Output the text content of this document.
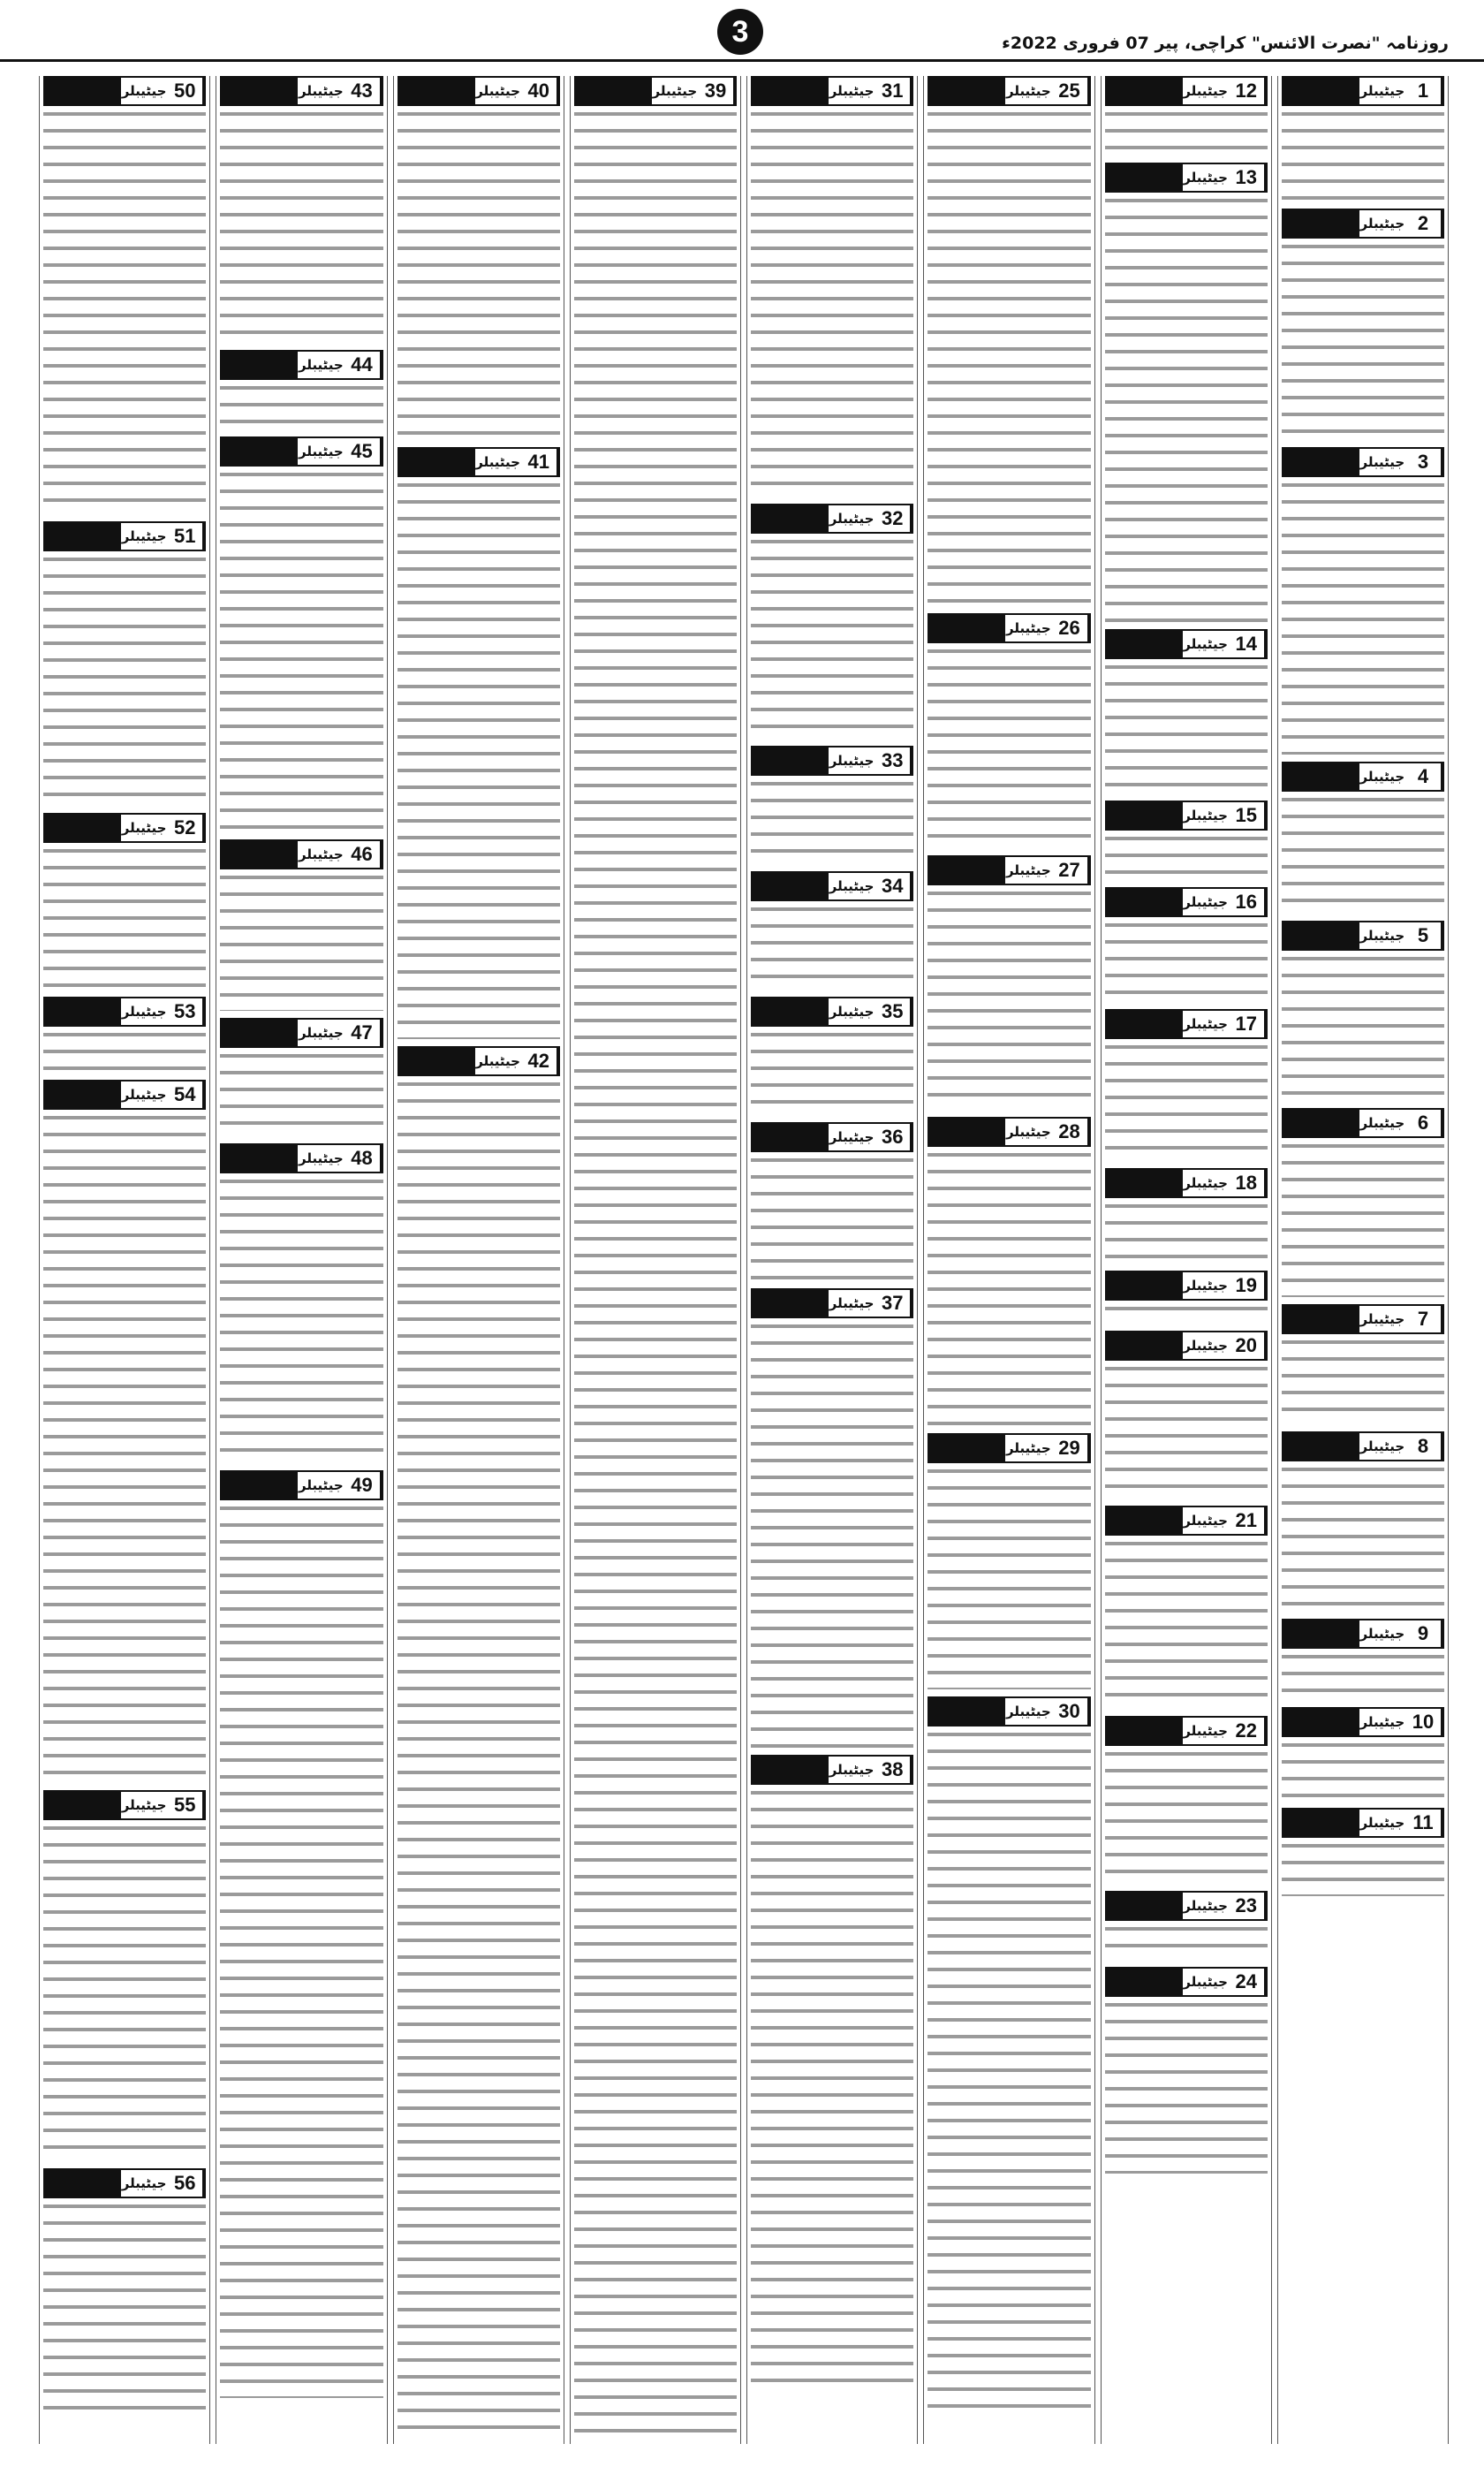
روزنامہ "نصرت الائنس" کراچی، پیر 07 فروری 2022ء
3
1
جیٹیبلر
2
جیٹیبلر
3
جیٹیبلر
4
جیٹیبلر
5
جیٹیبلر
6
جیٹیبلر
7
جیٹیبلر
8
جیٹیبلر
9
جیٹیبلر
10
جیٹیبلر
11
جیٹیبلر
12
جیٹیبلر
13
جیٹیبلر
14
جیٹیبلر
15
جیٹیبلر
16
جیٹیبلر
17
جیٹیبلر
18
جیٹیبلر
19
جیٹیبلر
20
جیٹیبلر
21
جیٹیبلر
22
جیٹیبلر
23
جیٹیبلر
24
جیٹیبلر
25
جیٹیبلر
26
جیٹیبلر
27
جیٹیبلر
28
جیٹیبلر
29
جیٹیبلر
30
جیٹیبلر
31
جیٹیبلر
32
جیٹیبلر
33
جیٹیبلر
34
جیٹیبلر
35
جیٹیبلر
36
جیٹیبلر
37
جیٹیبلر
38
جیٹیبلر
39
جیٹیبلر
40
جیٹیبلر
41
جیٹیبلر
42
جیٹیبلر
43
جیٹیبلر
44
جیٹیبلر
45
جیٹیبلر
46
جیٹیبلر
47
جیٹیبلر
48
جیٹیبلر
49
جیٹیبلر
50
جیٹیبلر
51
جیٹیبلر
52
جیٹیبلر
53
جیٹیبلر
54
جیٹیبلر
55
جیٹیبلر
56
جیٹیبلر
